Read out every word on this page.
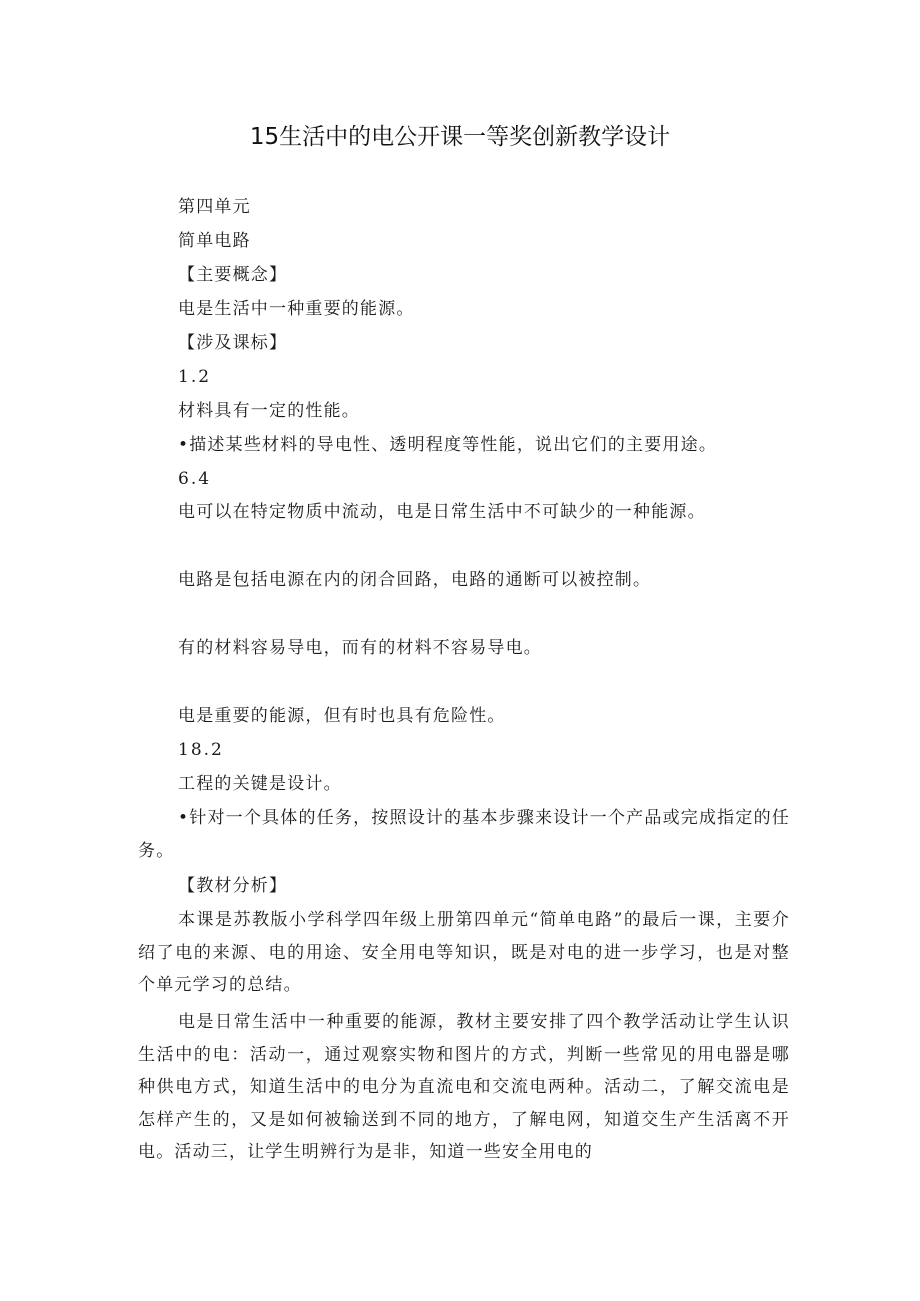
15生活中的电公开课一等奖创新教学设计
第四单元
简单电路
【主要概念】
电是生活中一种重要的能源。
【涉及课标】
1.2
材料具有一定的性能。
•描述某些材料的导电性、透明程度等性能，说出它们的主要用途。
6.4
电可以在特定物质中流动，电是日常生活中不可缺少的一种能源。
电路是包括电源在内的闭合回路，电路的通断可以被控制。
有的材料容易导电，而有的材料不容易导电。
电是重要的能源，但有时也具有危险性。
18.2
工程的关键是设计。
•针对一个具体的任务，按照设计的基本步骤来设计一个产品或完成指定的任务。
【教材分析】
本课是苏教版小学科学四年级上册第四单元“简单电路”的最后一课，主要介绍了电的来源、电的用途、安全用电等知识，既是对电的进一步学习，也是对整个单元学习的总结。
电是日常生活中一种重要的能源，教材主要安排了四个教学活动让学生认识生活中的电：活动一，通过观察实物和图片的方式，判断一些常见的用电器是哪种供电方式，知道生活中的电分为直流电和交流电两种。活动二，了解交流电是怎样产生的，又是如何被输送到不同的地方，了解电网，知道交生产生活离不开电。活动三，让学生明辨行为是非，知道一些安全用电的
